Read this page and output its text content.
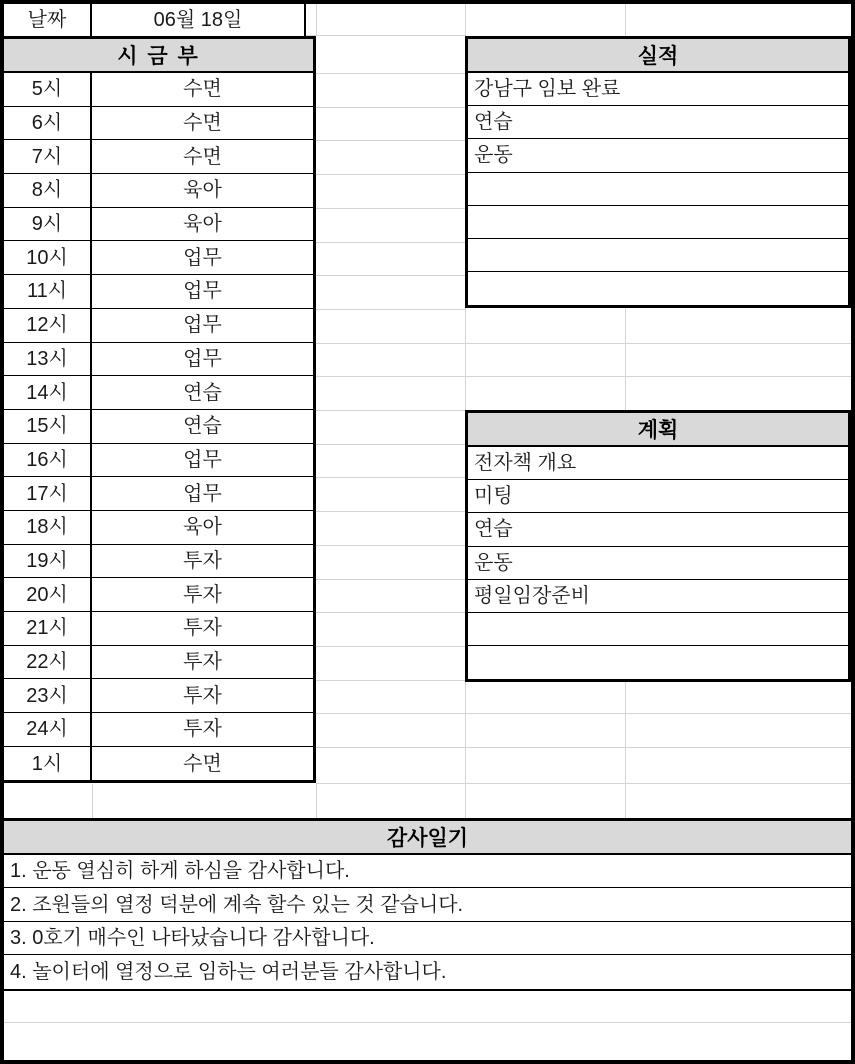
날짜	06월 18일
시 금 부
5시	수면
6시	수면
7시	수면
8시	육아
9시	육아
10시	업무
11시	업무
12시	업무
13시	업무
14시	연습
15시	연습
16시	업무
17시	업무
18시	육아
19시	투자
20시	투자
21시	투자
22시	투자
23시	투자
24시	투자
1시	수면
실적
강남구 임보 완료
연습
운동
계획
전자책 개요
미팅
연습
운동
평일임장준비
감사일기
1. 운동 열심히 하게 하심을 감사합니다.
2. 조원들의 열정 덕분에 계속 할수 있는 것 같습니다.
3. 0호기 매수인 나타났습니다 감사합니다.
4. 놀이터에 열정으로 임하는 여러분들 감사합니다.
